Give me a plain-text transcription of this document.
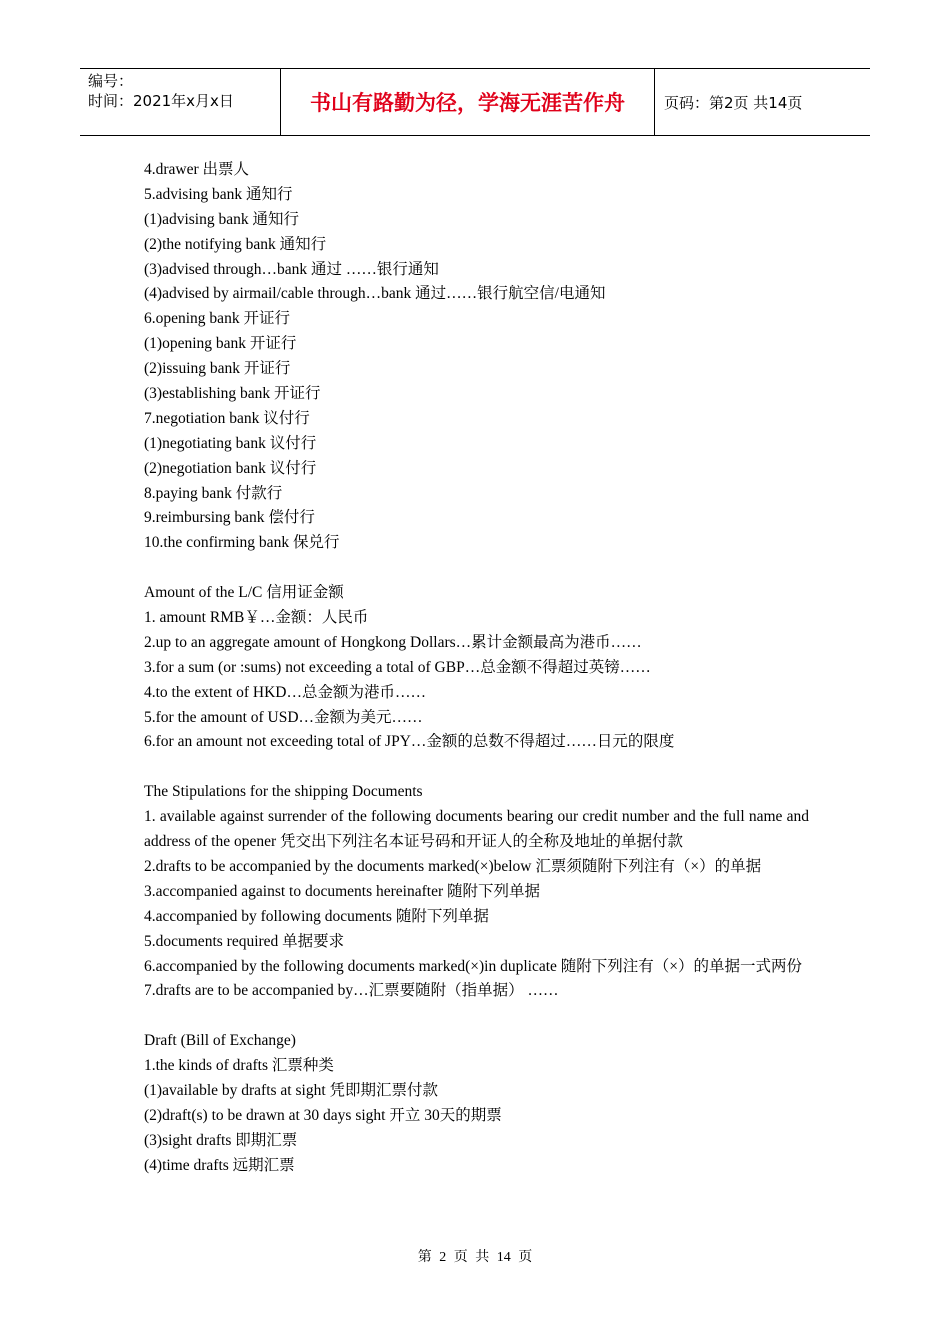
编号：
时间：2021年x月x日	书山有路勤为径，学海无涯苦作舟	页码：第2页 共14页
4.drawer 出票人
5.advising bank 通知行
(1)advising bank 通知行
(2)the notifying bank 通知行
(3)advised through…bank 通过 ……银行通知
(4)advised by airmail/cable through…bank 通过……银行航空信/电通知
6.opening bank 开证行
(1)opening bank 开证行
(2)issuing bank 开证行
(3)establishing bank 开证行
7.negotiation bank 议付行
(1)negotiating bank 议付行
(2)negotiation bank 议付行
8.paying bank 付款行
9.reimbursing bank 偿付行
10.the confirming bank 保兑行
Amount of the L/C 信用证金额
1. amount RMB￥…金额：人民币
2.up to an aggregate amount of Hongkong Dollars…累计金额最高为港币……
3.for a sum (or :sums) not exceeding a total of GBP…总金额不得超过英镑……
4.to the extent of HKD…总金额为港币……
5.for the amount of USD…金额为美元……
6.for an amount not exceeding total of JPY…金额的总数不得超过……日元的限度
The Stipulations for the shipping Documents
1. available against surrender of the following documents bearing our credit number and the full name and address of the opener 凭交出下列注名本证号码和开证人的全称及地址的单据付款
2.drafts to be accompanied by the documents marked(×)below 汇票须随附下列注有（×）的单据
3.accompanied against to documents hereinafter 随附下列单据
4.accompanied by following documents 随附下列单据
5.documents required 单据要求
6.accompanied by the following documents marked(×)in duplicate 随附下列注有（×）的单据一式两份
7.drafts are to be accompanied by…汇票要随附（指单据） ……
Draft (Bill of Exchange)
1.the kinds of drafts 汇票种类
(1)available by drafts at sight 凭即期汇票付款
(2)draft(s) to be drawn at 30 days sight 开立 30天的期票
(3)sight drafts 即期汇票
(4)time drafts 远期汇票
第 2 页 共 14 页
